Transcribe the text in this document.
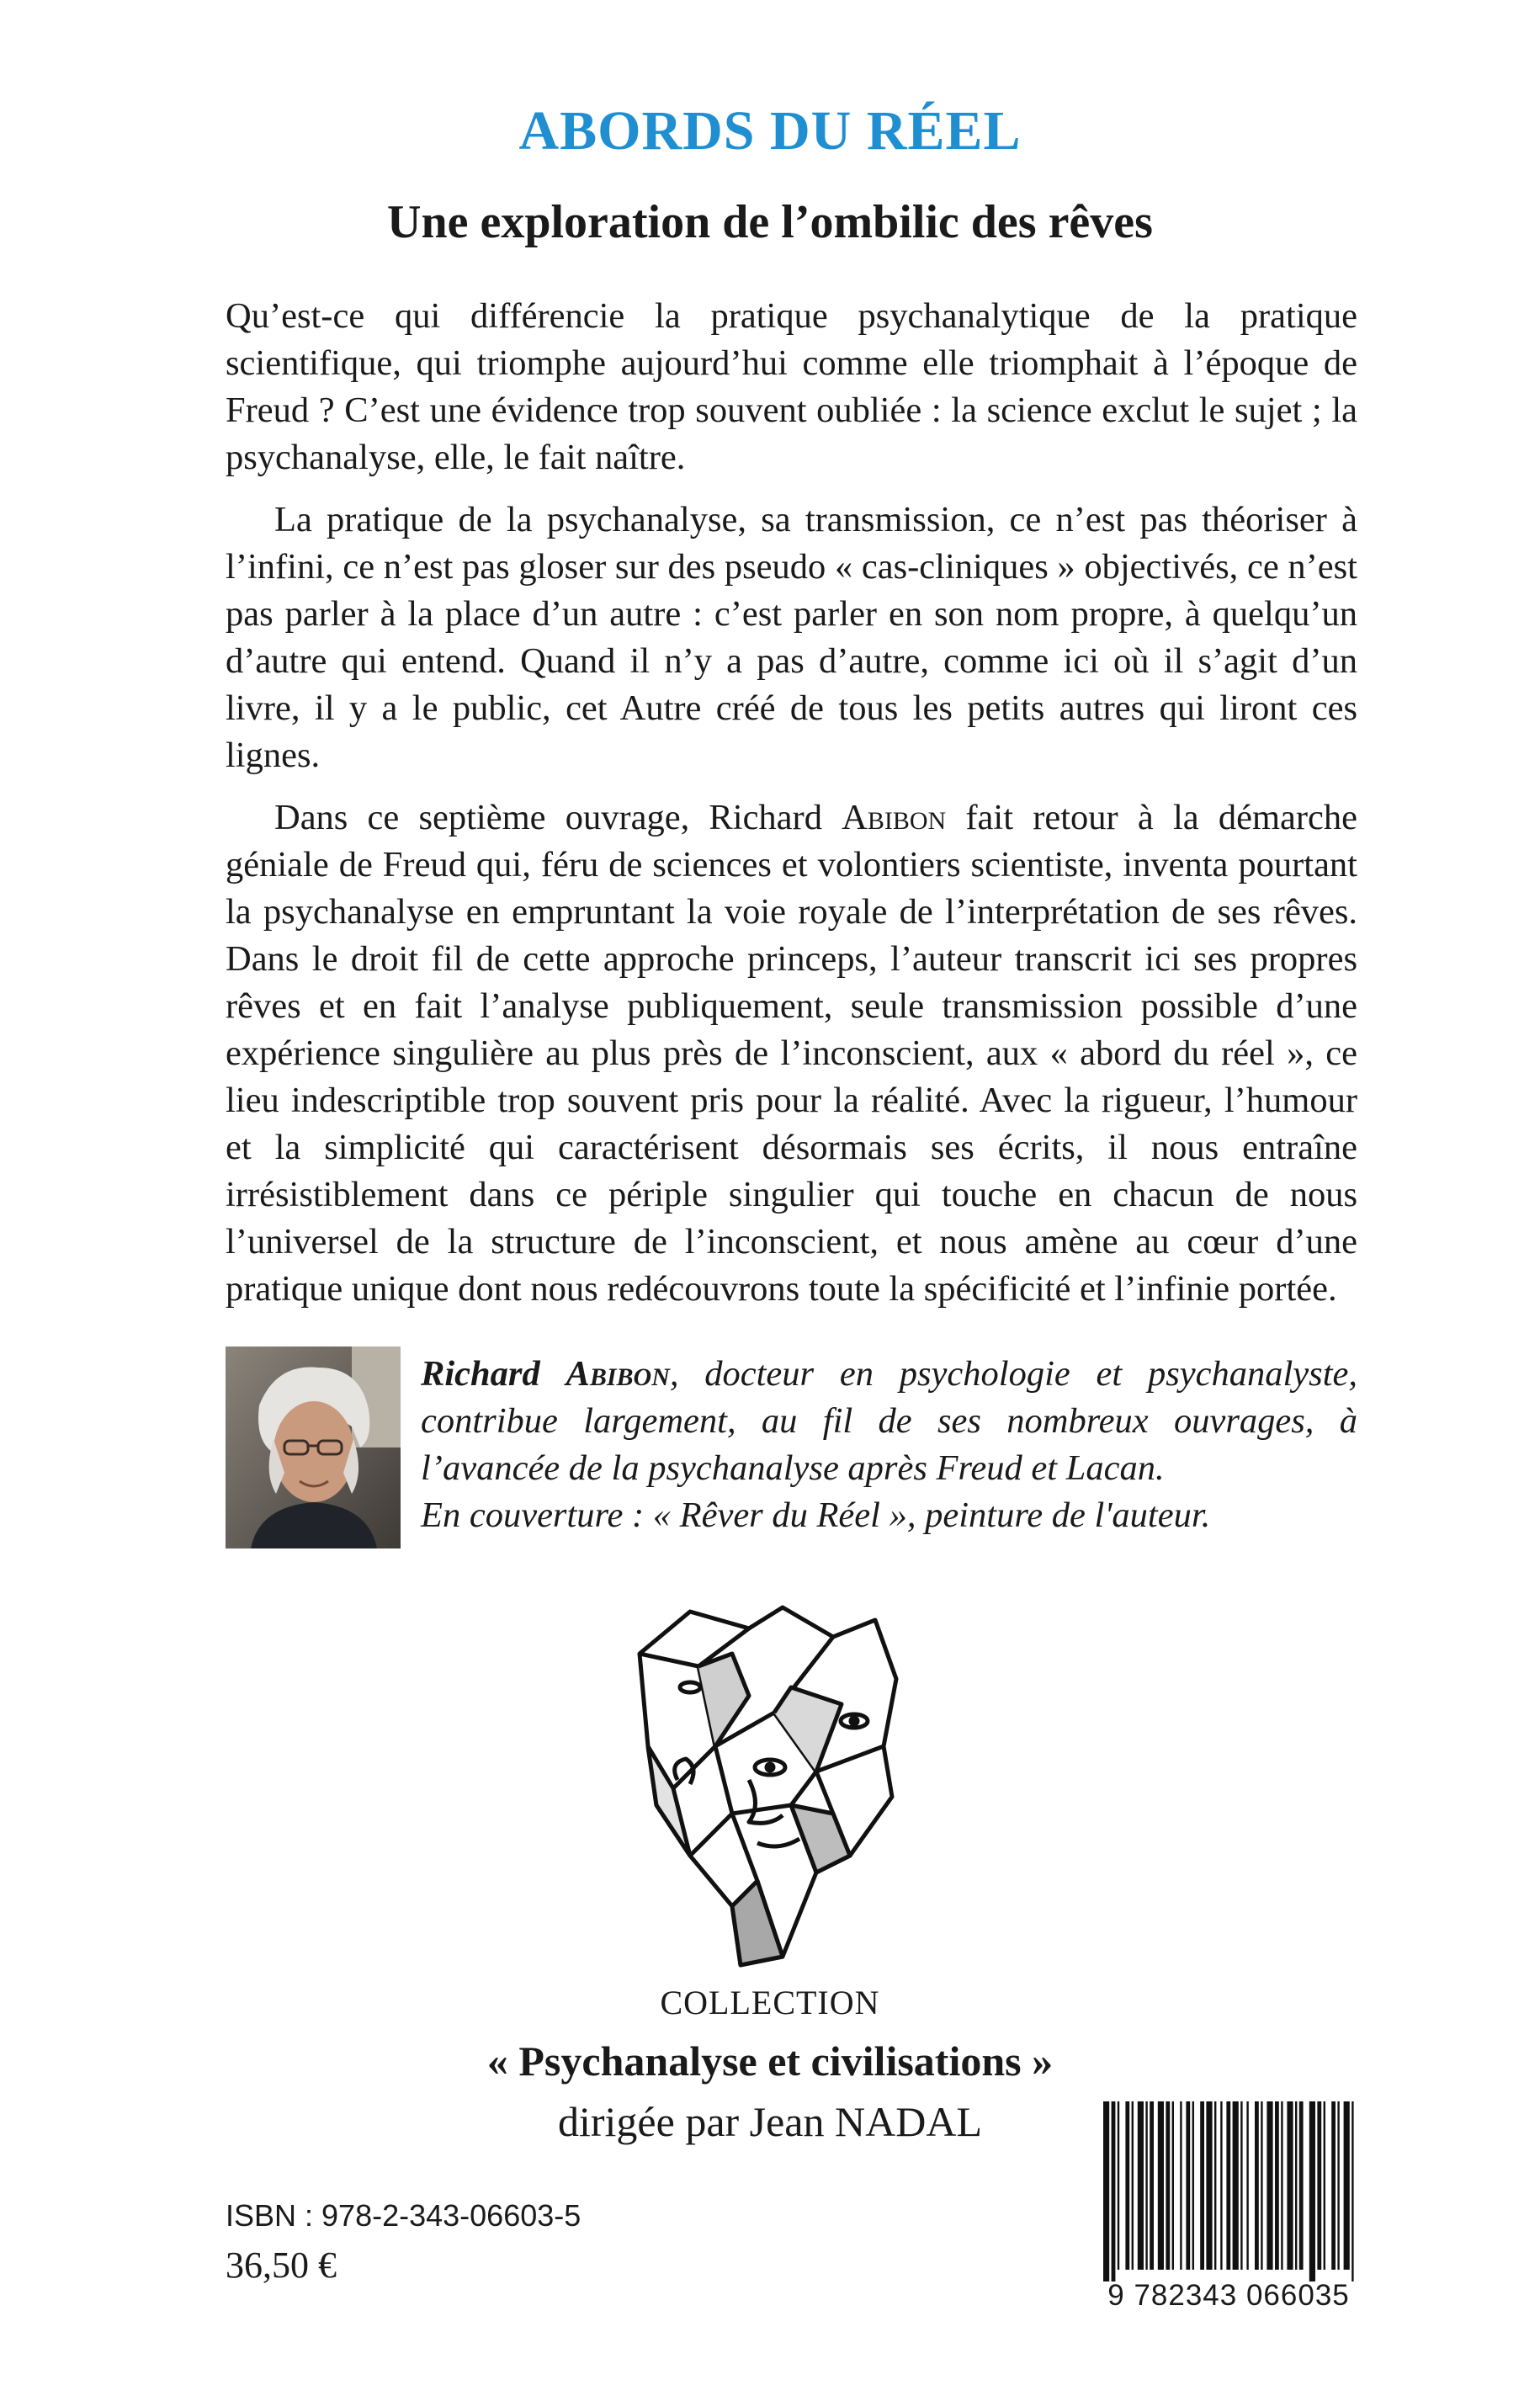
ABORDS DU RÉEL
Une exploration de l’ombilic des rêves

Qu’est-ce qui différencie la pratique psychanalytique de la pratique scientifique, qui triomphe aujourd’hui comme elle triomphait à l’époque de Freud ? C’est une évidence trop souvent oubliée : la science exclut le sujet ; la psychanalyse, elle, le fait naître.

La pratique de la psychanalyse, sa transmission, ce n’est pas théoriser à l’infini, ce n’est pas gloser sur des pseudo « cas-cliniques » objectivés, ce n’est pas parler à la place d’un autre : c’est parler en son nom propre, à quelqu’un d’autre qui entend. Quand il n’y a pas d’autre, comme ici où il s’agit d’un livre, il y a le public, cet Autre créé de tous les petits autres qui liront ces lignes.

Dans ce septième ouvrage, Richard Abibon fait retour à la démarche géniale de Freud qui, féru de sciences et volontiers scientiste, inventa pourtant la psychanalyse en empruntant la voie royale de l’interprétation de ses rêves. Dans le droit fil de cette approche princeps, l’auteur transcrit ici ses propres rêves et en fait l’analyse publiquement, seule transmission possible d’une expérience singulière au plus près de l’inconscient, aux « abord du réel », ce lieu indescriptible trop souvent pris pour la réalité. Avec la rigueur, l’humour et la simplicité qui caractérisent désormais ses écrits, il nous entraîne irrésistiblement dans ce périple singulier qui touche en chacun de nous l’universel de la structure de l’inconscient, et nous amène au cœur d’une pratique unique dont nous redécouvrons toute la spécificité et l’infinie portée.

Richard Abibon, docteur en psychologie et psychanalyste, contribue largement, au fil de ses nombreux ouvrages, à l’avancée de la psychanalyse après Freud et Lacan.

En couverture : « Rêver du Réel », peinture de l'auteur.

COLLECTION
« Psychanalyse et civilisations »
dirigée par Jean NADAL
ISBN : 978-2-343-06603-5
36,50 €
9 782343 066035
